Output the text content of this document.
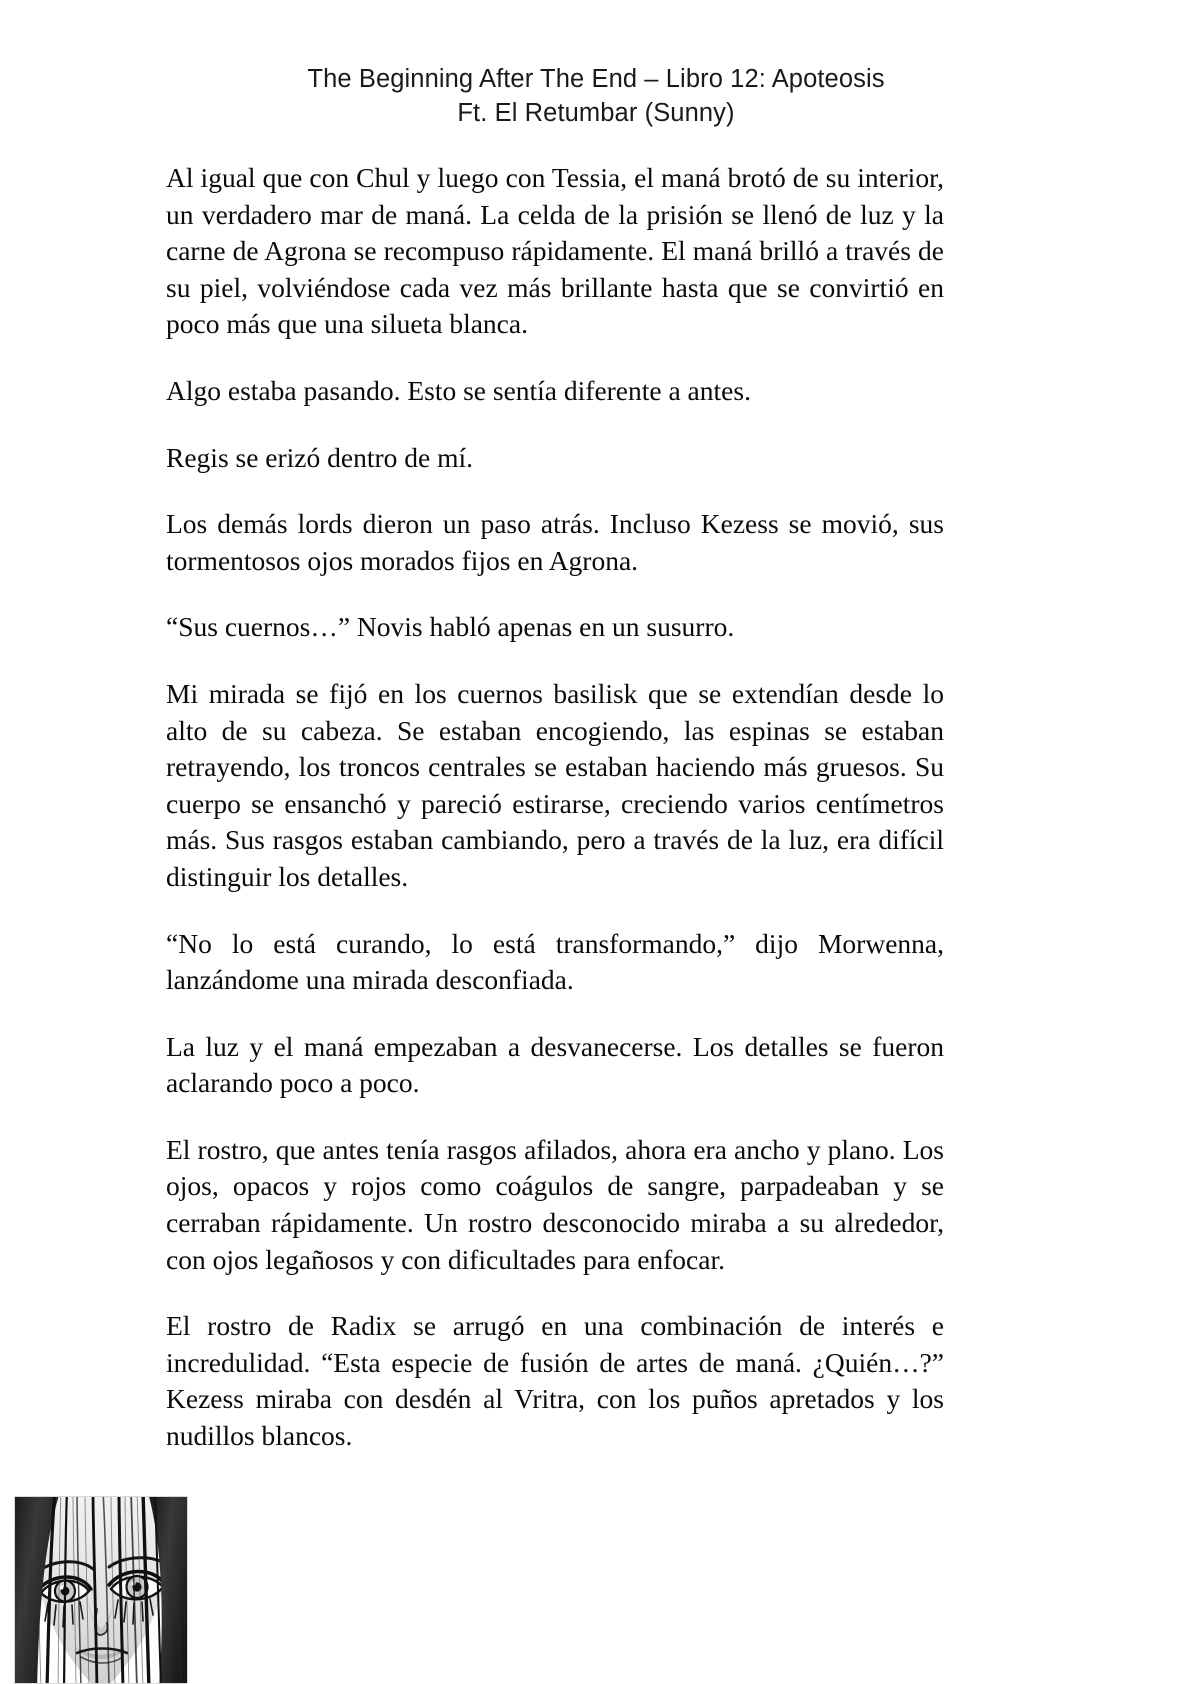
The Beginning After The End – Libro 12: Apoteosis
Ft. El Retumbar (Sunny)

Al igual que con Chul y luego con Tessia, el maná brotó de su interior, un verdadero mar de maná. La celda de la prisión se llenó de luz y la carne de Agrona se recompuso rápidamente. El maná brilló a través de su piel, volviéndose cada vez más brillante hasta que se convirtió en poco más que una silueta blanca.

Algo estaba pasando. Esto se sentía diferente a antes.

Regis se erizó dentro de mí.

Los demás lords dieron un paso atrás. Incluso Kezess se movió, sus tormentosos ojos morados fijos en Agrona.

“Sus cuernos…” Novis habló apenas en un susurro.

Mi mirada se fijó en los cuernos basilisk que se extendían desde lo alto de su cabeza. Se estaban encogiendo, las espinas se estaban retrayendo, los troncos centrales se estaban haciendo más gruesos. Su cuerpo se ensanchó y pareció estirarse, creciendo varios centímetros más. Sus rasgos estaban cambiando, pero a través de la luz, era difícil distinguir los detalles.

“No lo está curando, lo está transformando,” dijo Morwenna, lanzándome una mirada desconfiada.

La luz y el maná empezaban a desvanecerse. Los detalles se fueron aclarando poco a poco.

El rostro, que antes tenía rasgos afilados, ahora era ancho y plano. Los ojos, opacos y rojos como coágulos de sangre, parpadeaban y se cerraban rápidamente. Un rostro desconocido miraba a su alrededor, con ojos legañosos y con dificultades para enfocar.

El rostro de Radix se arrugó en una combinación de interés e incredulidad. “Esta especie de fusión de artes de maná. ¿Quién…?” Kezess miraba con desdén al Vritra, con los puños apretados y los nudillos blancos.
